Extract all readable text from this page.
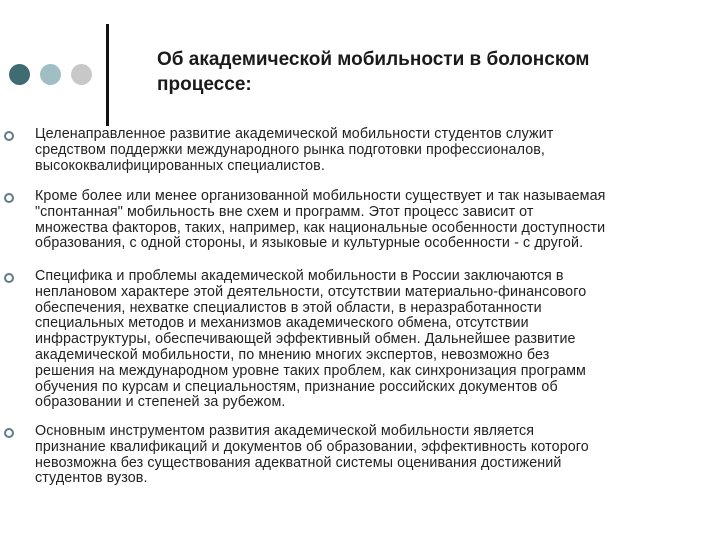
Об академической мобильности в болонском
процессе:

Целенаправленное развитие академической мобильности студентов служит
средством поддержки международного рынка подготовки профессионалов,
высококвалифицированных специалистов.

Кроме более или менее организованной мобильности существует и так называемая
"спонтанная" мобильность вне схем и программ. Этот процесс зависит от
множества факторов, таких, например, как национальные особенности доступности
образования, с одной стороны, и языковые и культурные особенности - с другой.

Специфика и проблемы академической мобильности в России заключаются в
неплановом характере этой деятельности, отсутствии материально-финансового
обеспечения, нехватке специалистов в этой области, в неразработанности
специальных методов и механизмов академического обмена, отсутствии
инфраструктуры, обеспечивающей эффективный обмен. Дальнейшее развитие
академической мобильности, по мнению многих экспертов, невозможно без
решения на международном уровне таких проблем, как синхронизация программ
обучения по курсам и специальностям, признание российских документов об
образовании и степеней за рубежом.

Основным инструментом развития академической мобильности является
признание квалификаций и документов об образовании, эффективность которого
невозможна без существования адекватной системы оценивания достижений
студентов вузов.
